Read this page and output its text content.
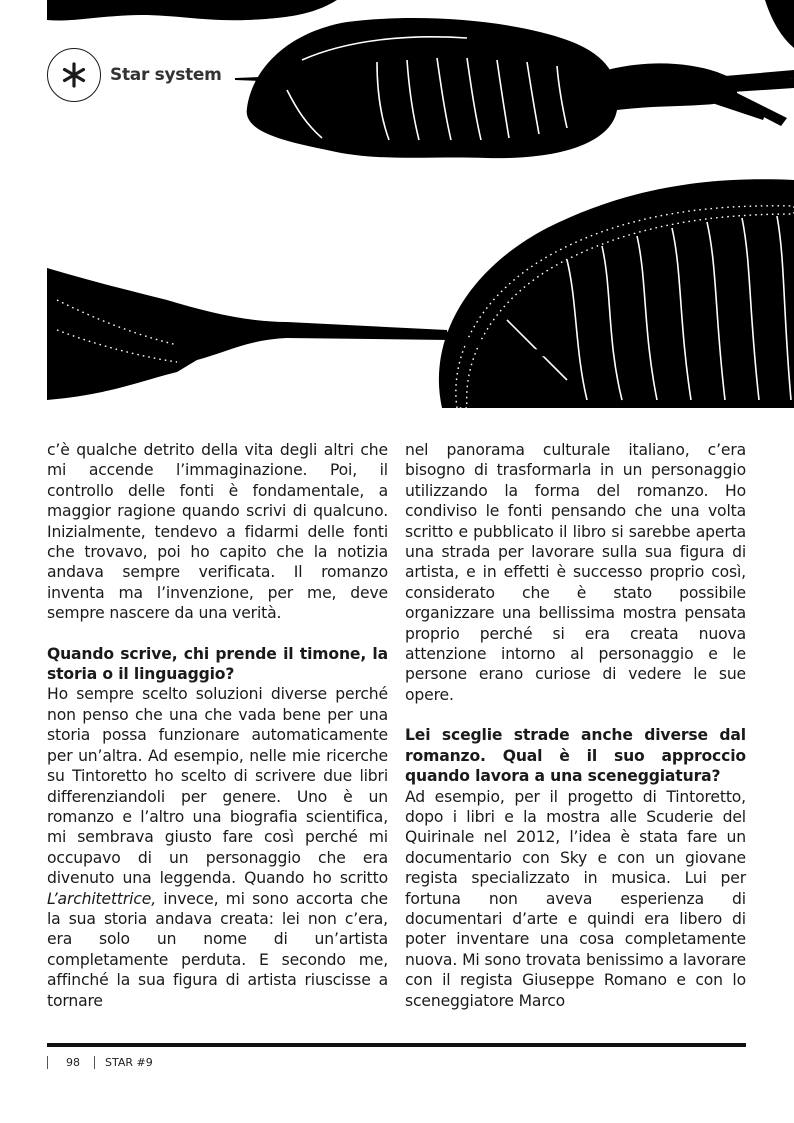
Star system

c’è qualche detrito della vita degli altri che mi accende l’immaginazione. Poi, il controllo delle fonti è fondamentale, a maggior ragione quando scrivi di qualcuno. Inizialmente, tendevo a fidarmi delle fonti che trovavo, poi ho capito che la notizia andava sempre verificata. Il romanzo inventa ma l’invenzione, per me, deve sempre nascere da una verità.

Quando scrive, chi prende il timone, la storia o il linguaggio?

Ho sempre scelto soluzioni diverse perché non penso che una che vada bene per una storia possa funzionare automaticamente per un’altra. Ad esempio, nelle mie ricerche su Tintoretto ho scelto di scrivere due libri differenziandoli per genere. Uno è un romanzo e l’altro una biografia scientifica, mi sembrava giusto fare così perché mi occupavo di un personaggio che era divenuto una leggenda. Quando ho scritto L’architettrice, invece, mi sono accorta che la sua storia andava creata: lei non c’era, era solo un nome di un’artista completamente perduta. E secondo me, affinché la sua figura di artista riuscisse a tornare

nel panorama culturale italiano, c’era bisogno di trasformarla in un personaggio utilizzando la forma del romanzo. Ho condiviso le fonti pensando che una volta scritto e pubblicato il libro si sarebbe aperta una strada per lavorare sulla sua figura di artista, e in effetti è successo proprio così, considerato che è stato possibile organizzare una bellissima mostra pensata proprio perché si era creata nuova attenzione intorno al personaggio e le persone erano curiose di vedere le sue opere.

Lei sceglie strade anche diverse dal romanzo. Qual è il suo approccio quando lavora a una sceneggiatura?

Ad esempio, per il progetto di Tintoretto, dopo i libri e la mostra alle Scuderie del Quirinale nel 2012, l’idea è stata fare un documentario con Sky e con un giovane regista specializzato in musica. Lui per fortuna non aveva esperienza di documentari d’arte e quindi era libero di poter inventare una cosa completamente nuova. Mi sono trovata benissimo a lavorare con il regista Giuseppe Romano e con lo sceneggiatore Marco

98 STAR #9
